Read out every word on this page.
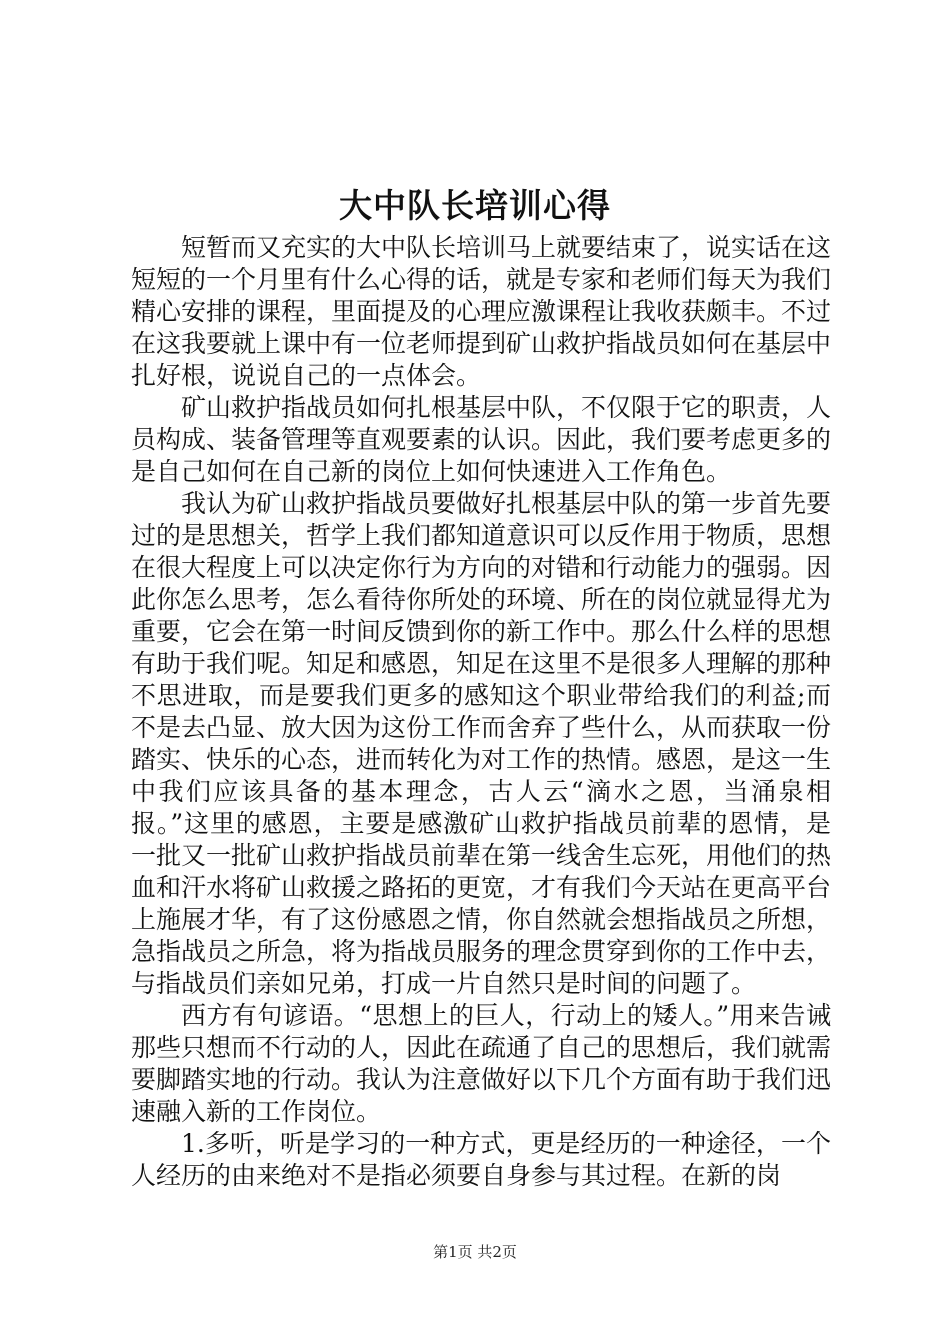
大中队长培训心得

短暂而又充实的大中队长培训马上就要结束了，说实话在这短短的一个月里有什么心得的话，就是专家和老师们每天为我们精心安排的课程，里面提及的心理应激课程让我收获颇丰。不过在这我要就上课中有一位老师提到矿山救护指战员如何在基层中扎好根，说说自己的一点体会。

矿山救护指战员如何扎根基层中队，不仅限于它的职责，人员构成、装备管理等直观要素的认识。因此，我们要考虑更多的是自己如何在自己新的岗位上如何快速进入工作角色。

我认为矿山救护指战员要做好扎根基层中队的第一步首先要过的是思想关，哲学上我们都知道意识可以反作用于物质，思想在很大程度上可以决定你行为方向的对错和行动能力的强弱。因此你怎么思考，怎么看待你所处的环境、所在的岗位就显得尤为重要，它会在第一时间反馈到你的新工作中。那么什么样的思想有助于我们呢。知足和感恩，知足在这里不是很多人理解的那种不思进取，而是要我们更多的感知这个职业带给我们的利益;而不是去凸显、放大因为这份工作而舍弃了些什么，从而获取一份踏实、快乐的心态，进而转化为对工作的热情。感恩，是这一生中我们应该具备的基本理念，古人云“滴水之恩，当涌泉相报。”这里的感恩，主要是感激矿山救护指战员前辈的恩情，是一批又一批矿山救护指战员前辈在第一线舍生忘死，用他们的热血和汗水将矿山救援之路拓的更宽，才有我们今天站在更高平台上施展才华，有了这份感恩之情，你自然就会想指战员之所想，急指战员之所急，将为指战员服务的理念贯穿到你的工作中去，与指战员们亲如兄弟，打成一片自然只是时间的问题了。

西方有句谚语。“思想上的巨人，行动上的矮人。”用来告诫那些只想而不行动的人，因此在疏通了自己的思想后，我们就需要脚踏实地的行动。我认为注意做好以下几个方面有助于我们迅速融入新的工作岗位。

1.多听，听是学习的一种方式，更是经历的一种途径，一个人经历的由来绝对不是指必须要自身参与其过程。在新的岗

第1页 共2页
